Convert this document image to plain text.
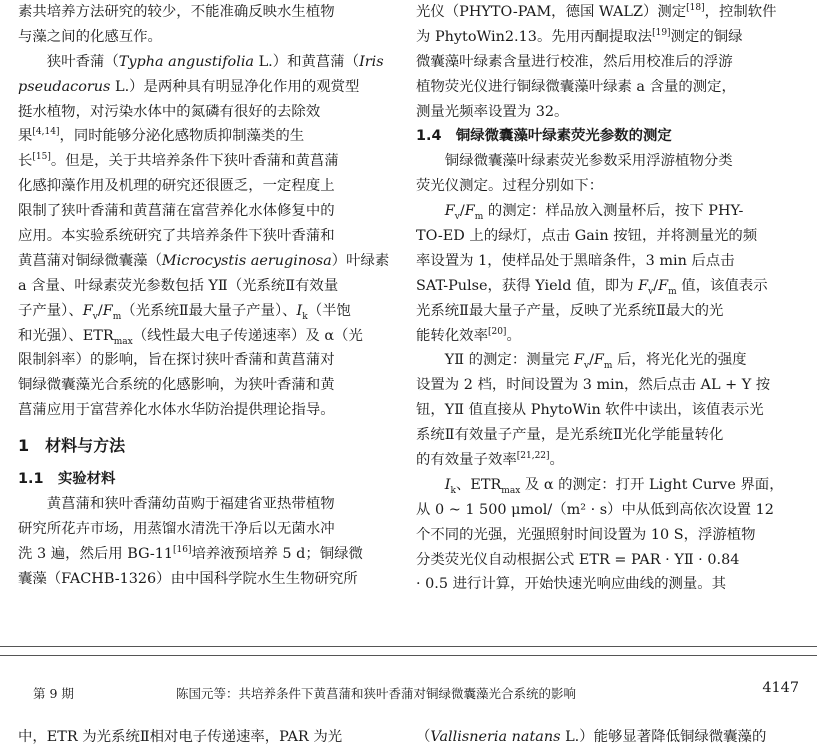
素共培养方法研究的较少，不能准确反映水生植物
与藻之间的化感互作。
狭叶香蒲（Typha angustifolia L.）和黄菖蒲（Iris
pseudacorus L.）是两种具有明显净化作用的观赏型
挺水植物，对污染水体中的氮磷有很好的去除效
果[4,14]，同时能够分泌化感物质抑制藻类的生
长[15]。但是，关于共培养条件下狭叶香蒲和黄菖蒲
化感抑藻作用及机理的研究还很匮乏，一定程度上
限制了狭叶香蒲和黄菖蒲在富营养化水体修复中的
应用。本实验系统研究了共培养条件下狭叶香蒲和
黄菖蒲对铜绿微囊藻（Microcystis aeruginosa）叶绿素
a 含量、叶绿素荧光参数包括 YⅡ（光系统Ⅱ有效量
子产量）、$F_v/F_m$（光系统Ⅱ最大量子产量）、$I_k$（半饱
和光强）、$ETR_{max}$（线性最大电子传递速率）及 α（光
限制斜率）的影响，旨在探讨狭叶香蒲和黄菖蒲对
铜绿微囊藻光合系统的化感影响，为狭叶香蒲和黄
菖蒲应用于富营养化水体水华防治提供理论指导。
1　材料与方法
1.1　实验材料
黄菖蒲和狭叶香蒲幼苗购于福建省亚热带植物
研究所花卉市场，用蒸馏水清洗干净后以无菌水冲
洗 3 遍，然后用 BG-11[16]培养液预培养 5 d；铜绿微
囊藻（FACHB-1326）由中国科学院水生生物研究所
光仪（PHYTO-PAM，德国 WALZ）测定[18]，控制软件
为 PhytoWin2.13。先用丙酮提取法[19]测定的铜绿
微囊藻叶绿素含量进行校准，然后用校准后的浮游
植物荧光仪进行铜绿微囊藻叶绿素 a 含量的测定，
测量光频率设置为 32。
1.4　铜绿微囊藻叶绿素荧光参数的测定
铜绿微囊藻叶绿素荧光参数采用浮游植物分类
荧光仪测定。过程分别如下：
$F_v/F_m$ 的测定：样品放入测量杯后，按下 PHY-
TO-ED 上的绿灯，点击 Gain 按钮，并将测量光的频
率设置为 1，使样品处于黑暗条件，3 min 后点击
SAT-Pulse，获得 Yield 值，即为 $F_v/F_m$ 值，该值表示
光系统Ⅱ最大量子产量，反映了光系统Ⅱ最大的光
能转化效率[20]。
YⅡ 的测定：测量完 $F_v/F_m$ 后，将光化光的强度
设置为 2 档，时间设置为 3 min，然后点击 AL + Y 按
钮，YⅡ 值直接从 PhytoWin 软件中读出，该值表示光
系统Ⅱ有效量子产量，是光系统Ⅱ光化学能量转化
的有效量子效率[21,22]。
$I_k$、$ETR_{max}$ 及 α 的测定：打开 Light Curve 界面，
从 0 ~ 1 500 μmol/（m² · s）中从低到高依次设置 12
个不同的光强，光强照射时间设置为 10 S，浮游植物
分类荧光仪自动根据公式 ETR = PAR · YⅡ · 0.84
· 0.5 进行计算，开始快速光响应曲线的测量。其
第 9 期	陈国元等：共培养条件下黄菖蒲和狭叶香蒲对铜绿微囊藻光合系统的影响	4147
中，ETR 为光系统Ⅱ相对电子传递速率，PAR 为光	（Vallisneria natans L.）能够显著降低铜绿微囊藻的
